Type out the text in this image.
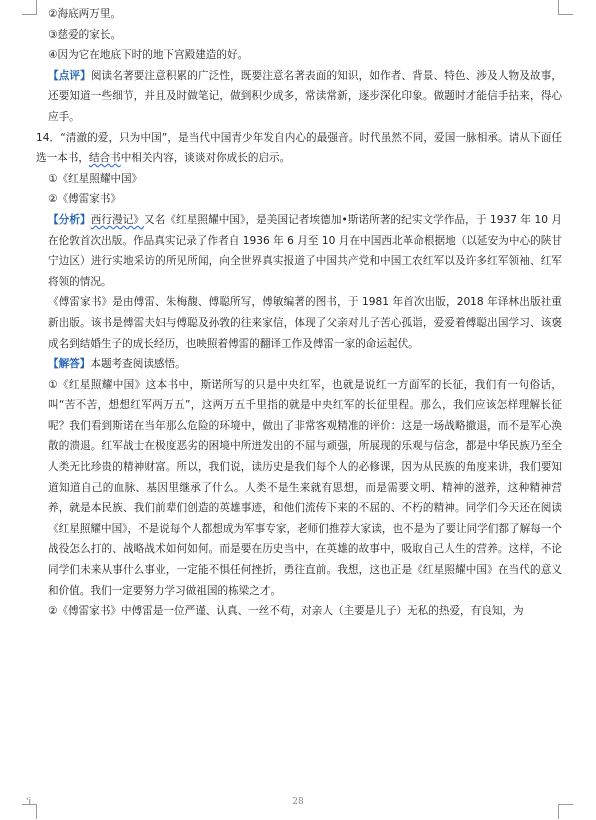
②海底两万里。

③慈爱的家长。

④因为它在地底下时的地下宫殿建造的好。

【点评】阅读名著要注意积累的广泛性，既要注意名著表面的知识，如作者、背景、特色、涉及人物及故事，还要知道一些细节，并且及时做笔记，做到积少成多，常读常新，逐步深化印象。做题时才能信手拈来，得心应手。

14．“清澈的爱，只为中国”，是当代中国青少年发自内心的最强音。时代虽然不同，爱国一脉相承。请从下面任选一本书，结合书中相关内容，谈谈对你成长的启示。

①《红星照耀中国》

②《傅雷家书》

【分析】西行漫记》又名《红星照耀中国》，是美国记者埃德加•斯诺所著的纪实文学作品，于 1937 年 10 月在伦敦首次出版。作品真实记录了作者自 1936 年 6 月至 10 月在中国西北革命根据地（以延安为中心的陕甘宁边区）进行实地采访的所见所闻，向全世界真实报道了中国共产党和中国工农红军以及许多红军领袖、红军将领的情况。

《傅雷家书》是由傅雷、朱梅馥、傅聪所写，傅敏编著的图书，于 1981 年首次出版，2018 年译林出版社重新出版。该书是傅雷夫妇与傅聪及孙敩的往来家信，体现了父亲对儿子苦心孤诣，爱爱着傅聪出国学习、该褒成名到结婚生子的成长经历，也映照着傅雷的翻译工作及傅雷一家的命运起伏。

【解答】本题考查阅读感悟。

①《红星照耀中国》这本书中，斯诺所写的只是中央红军，也就是说红一方面军的长征，我们有一句俗话，叫“苦不苦，想想红军两万五”，这两万五千里指的就是中央红军的长征里程。那么，我们应该怎样理解长征呢？我们看到斯诺在当年那么危险的环境中，做出了非常客观精准的评价：这是一场战略撤退，而不是军心涣散的溃退。红军战士在极度恶劣的困境中所迸发出的不屈与顽强，所展现的乐观与信念，都是中华民族乃至全人类无比珍贵的精神财富。所以，我们说，读历史是我们每个人的必修课，因为从民族的角度来讲，我们要知道知道自己的血脉、基因里继承了什么。人类不是生来就有思想，而是需要文明、精神的滋养，这种精神营养，就是本民族、我们前辈们创造的英雄事迹，和他们流传下来的不屈的、不朽的精神。同学们今天还在阅读《红星照耀中国》，不是说每个人都想成为军事专家，老师们推荐大家读，也不是为了要让同学们都了解每一个战役怎么打的、战略战术如何如何。而是要在历史当中，在英雄的故事中，吸取自己人生的营养。这样，不论同学们未来从事什么事业，一定能不惧任何挫折，勇往直前。我想，这也正是《红星照耀中国》在当代的意义和价值。我们一定要努力学习做祖国的栋梁之才。

②《傅雷家书》中傅雷是一位严谨、认真、一丝不苟，对亲人（主要是儿子）无私的热爱，有良知，为

'i	28
